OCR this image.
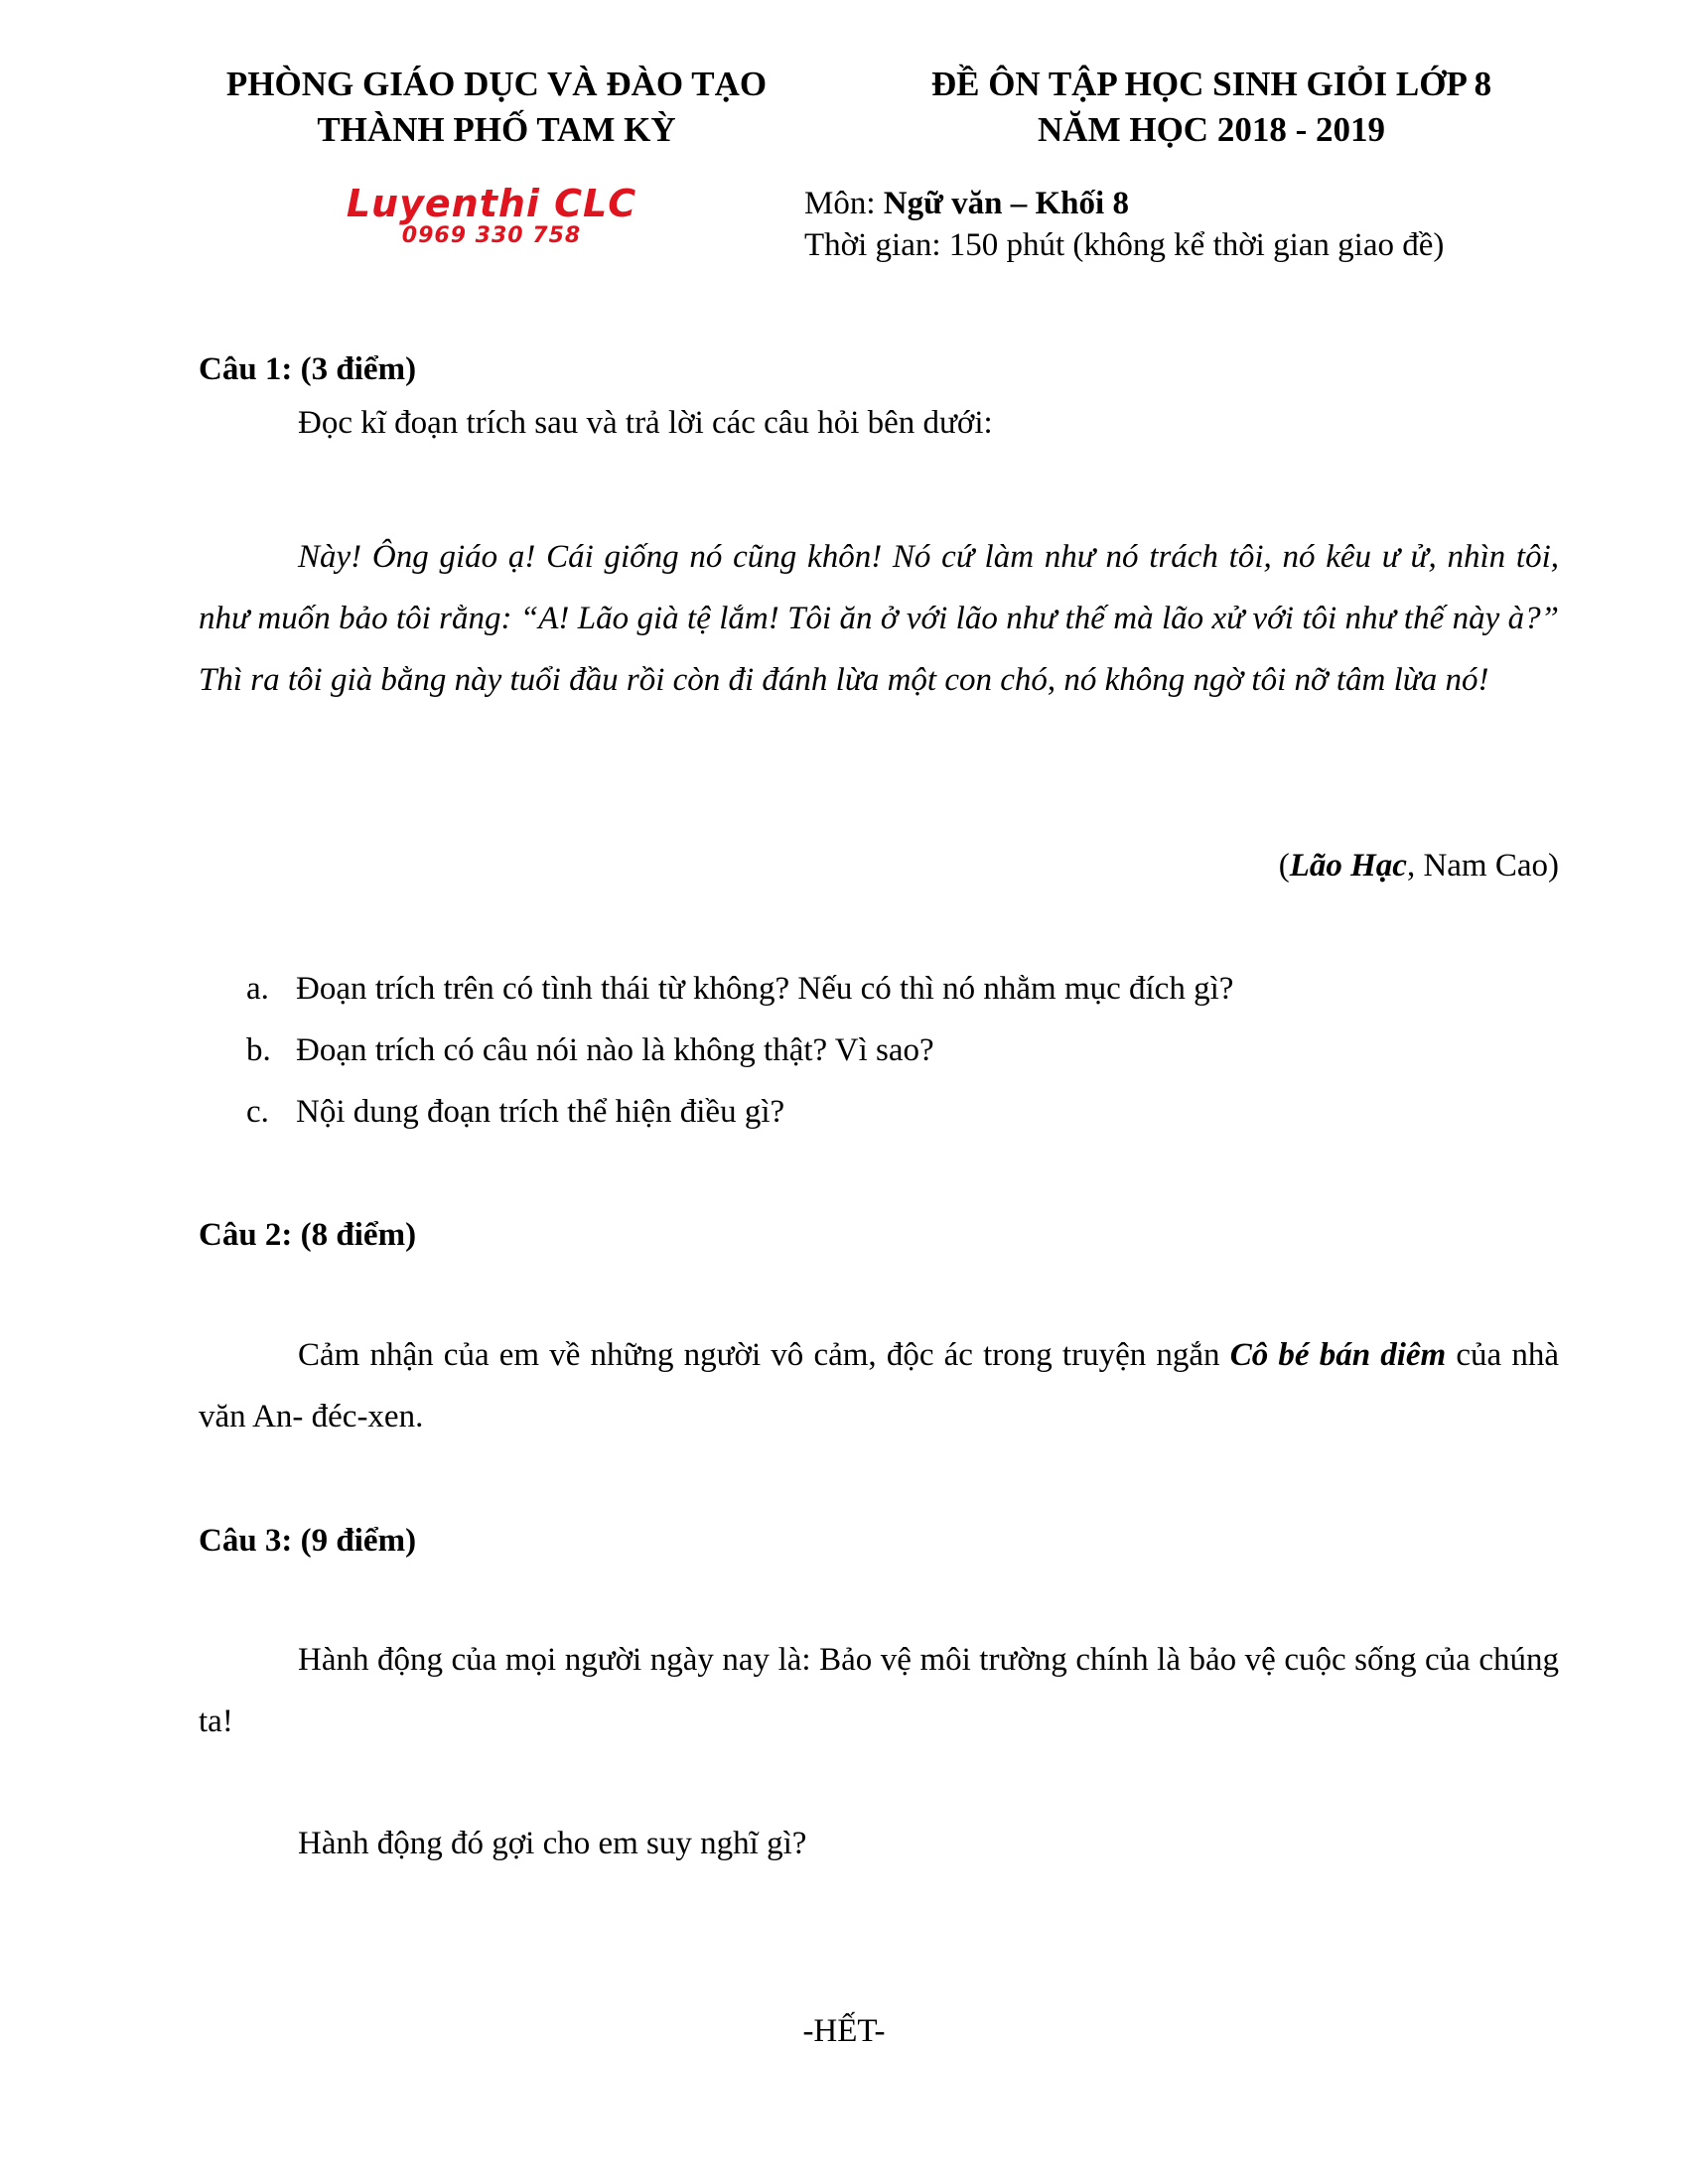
PHÒNG GIÁO DỤC VÀ ĐÀO TẠO
THÀNH PHỐ TAM KỲ
ĐỀ ÔN TẬP HỌC SINH GIỎI LỚP 8
NĂM HỌC 2018 - 2019
Luyenthi CLC
0969 330 758
Môn: Ngữ văn – Khối 8
Thời gian: 150 phút (không kể thời gian giao đề)
Câu 1: (3 điểm)

Đọc kĩ đoạn trích sau và trả lời các câu hỏi bên dưới:

Này! Ông giáo ạ! Cái giống nó cũng khôn! Nó cứ làm như nó trách tôi, nó kêu ư ử, nhìn tôi, như muốn bảo tôi rằng: “A! Lão già tệ lắm! Tôi ăn ở với lão như thế mà lão xử với tôi như thế này à?” Thì ra tôi già bằng này tuổi đầu rồi còn đi đánh lừa một con chó, nó không ngờ tôi nỡ tâm lừa nó!

(Lão Hạc, Nam Cao)
a. Đoạn trích trên có tình thái từ không? Nếu có thì nó nhằm mục đích gì?
b. Đoạn trích có câu nói nào là không thật? Vì sao?
c. Nội dung đoạn trích thể hiện điều gì?
Câu 2: (8 điểm)

Cảm nhận của em về những người vô cảm, độc ác trong truyện ngắn Cô bé bán diêm của nhà văn An- đéc-xen.

Câu 3: (9 điểm)

Hành động của mọi người ngày nay là: Bảo vệ môi trường chính là bảo vệ cuộc sống của chúng ta!

Hành động đó gợi cho em suy nghĩ gì?

-HẾT-
